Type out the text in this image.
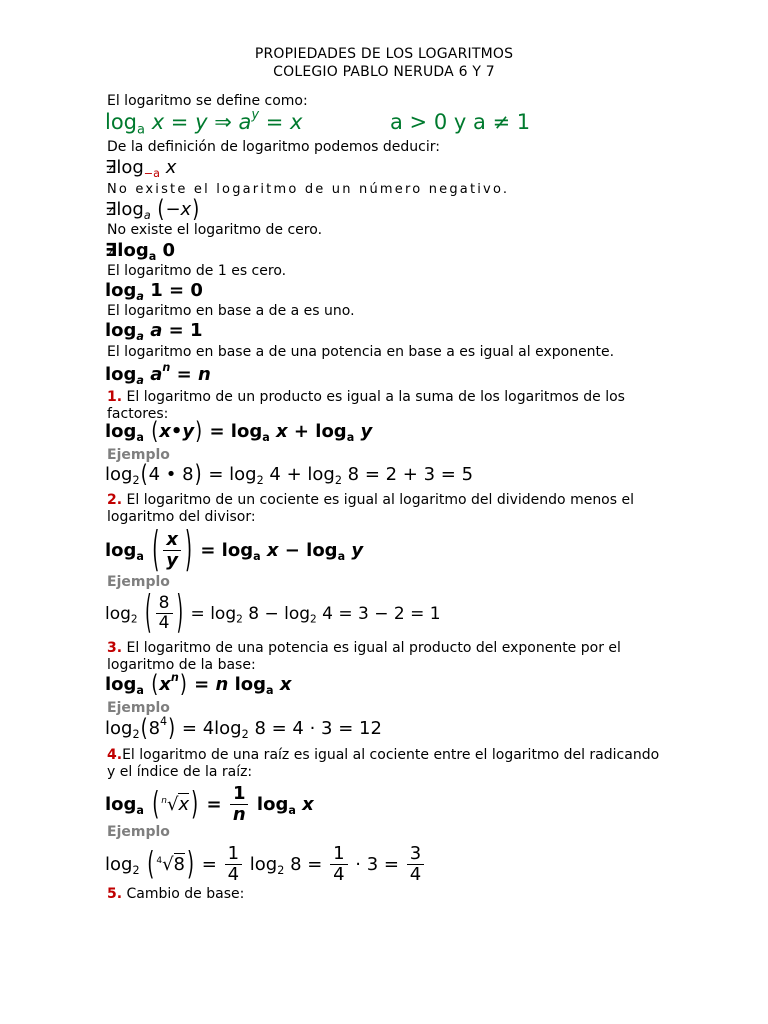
PROPIEDADES DE LOS LOGARITMOS
COLEGIO PABLO NERUDA 6 Y 7
El logaritmo se define como:
$\log_a x = y$ ⇒ $a^y = x$	a > 0 y a ≠ 1
De la definición de logaritmo podemos deducir:
$\exists\log_{-a}$ x
No existe el logaritmo de un número negativo.
$\exists\log_a$ (−x)
No existe el logaritmo de cero.
$\exists\log_a$ 0
El logaritmo de 1 es cero.
$\log_a 1 = 0$
El logaritmo en base a de a es uno.
$\log_a a = 1$
El logaritmo en base a de una potencia en base a es igual al exponente.
$\log_a a^n = n$
1. El logaritmo de un producto es igual a la suma de los logaritmos de los factores:
$\log_a$ (x•y) = $\log_a x + \log_a y$
Ejemplo
$\log_2(4$ • $8) = \log_2 4 + \log_2 8 = 2 + 3 = 5$
2. El logaritmo de un cociente es igual al logaritmo del dividendo menos el logaritmo del divisor:
$\log_a$ ( $\frac{x}{y}$ ) = $\log_a x - \log_a y$
Ejemplo
$\log_2$ ( $\frac{8}{4}$ ) = $\log_2 8 - \log_2 4 = 3 - 2 = 1$
3. El logaritmo de una potencia es igual al producto del exponente por el logaritmo de la base:
$\log_a (x^n) = n$ $\log_a x$
Ejemplo
$\log_2(8^4) = 4\log_2$ 8 = 4 · 3 = 12
4.El logaritmo de una raíz es igual al cociente entre el logaritmo del radicando y el índice de la raíz:
$\log_a$ ( $^n$√x ) = $\frac{1}{n} \log_a x$
Ejemplo
$\log_2$ ( $^4$√8 ) = $\frac{1}{4} \log_2 8 = \frac{1}{4} \cdot 3 = \frac{3}{4}$
5. Cambio de base:
